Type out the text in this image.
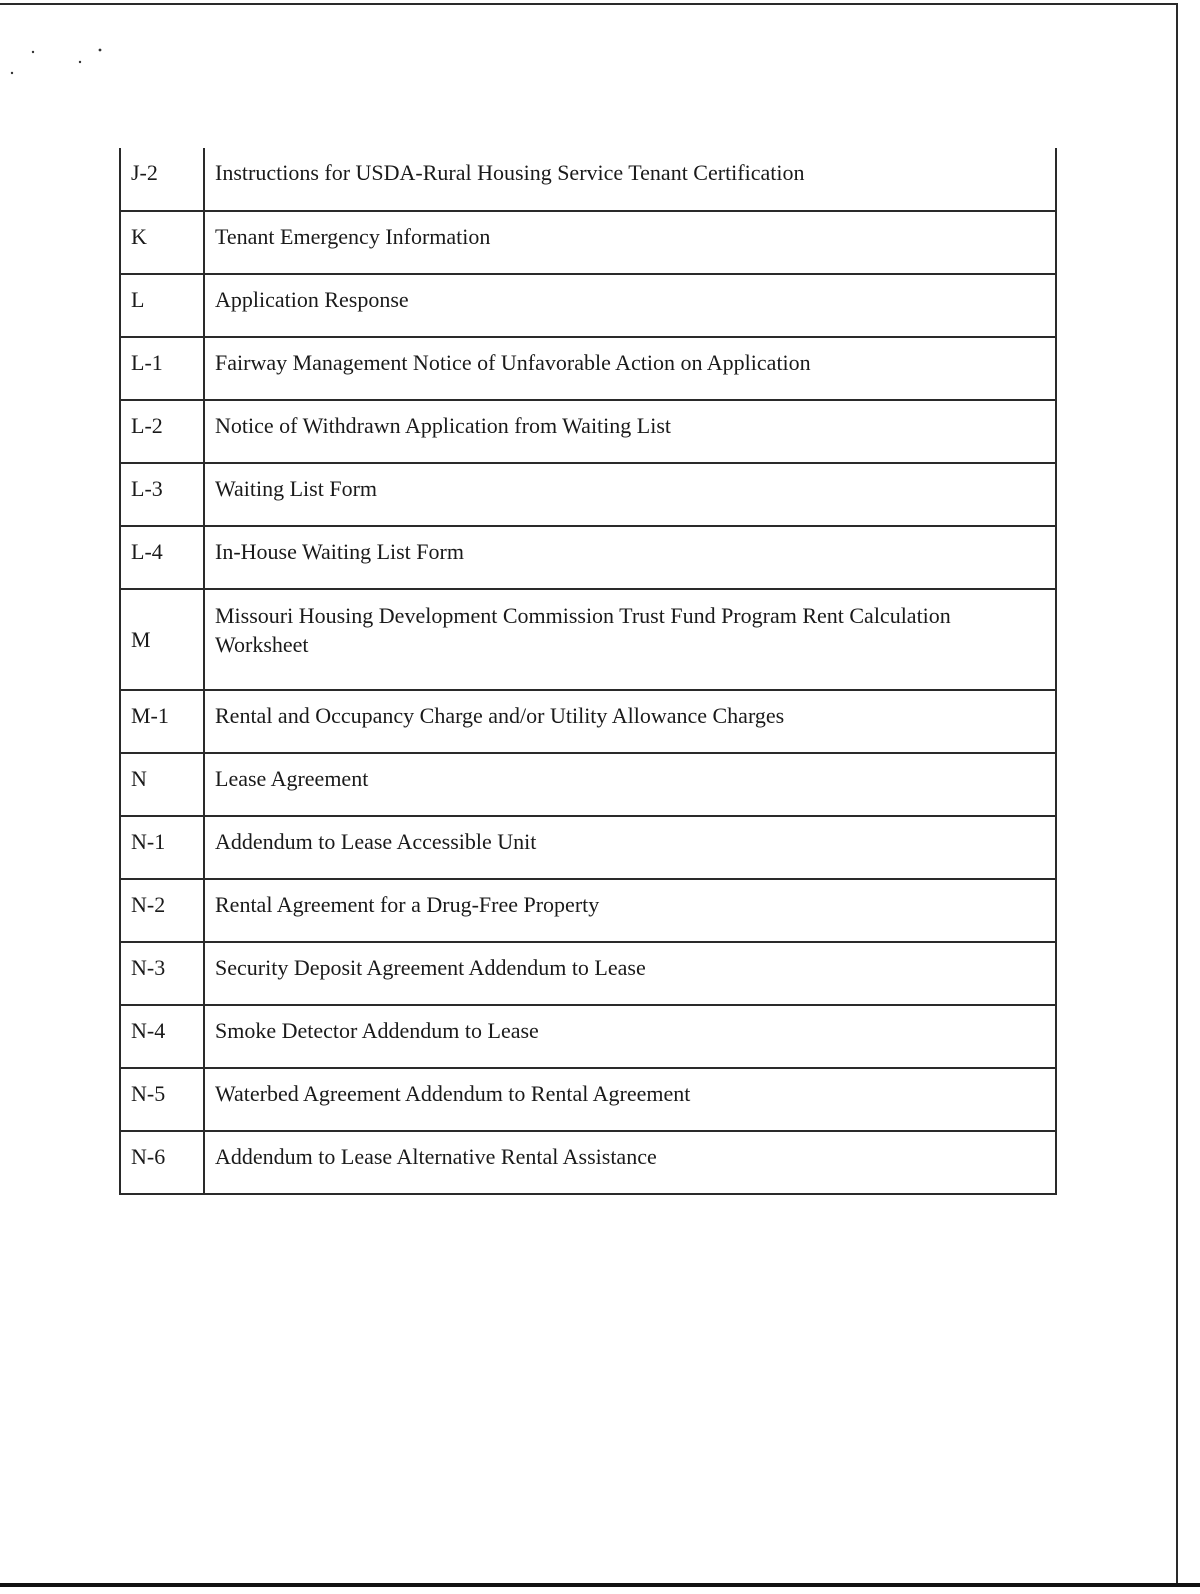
J-2	Instructions for USDA-Rural Housing Service Tenant Certification
K	Tenant Emergency Information
L	Application Response
L-1	Fairway Management Notice of Unfavorable Action on Application
L-2	Notice of Withdrawn Application from Waiting List
L-3	Waiting List Form
L-4	In-House Waiting List Form
M	Missouri Housing Development Commission Trust Fund Program Rent Calculation Worksheet
M-1	Rental and Occupancy Charge and/or Utility Allowance Charges
N	Lease Agreement
N-1	Addendum to Lease Accessible Unit
N-2	Rental Agreement for a Drug-Free Property
N-3	Security Deposit Agreement Addendum to Lease
N-4	Smoke Detector Addendum to Lease
N-5	Waterbed Agreement Addendum to Rental Agreement
N-6	Addendum to Lease Alternative Rental Assistance
